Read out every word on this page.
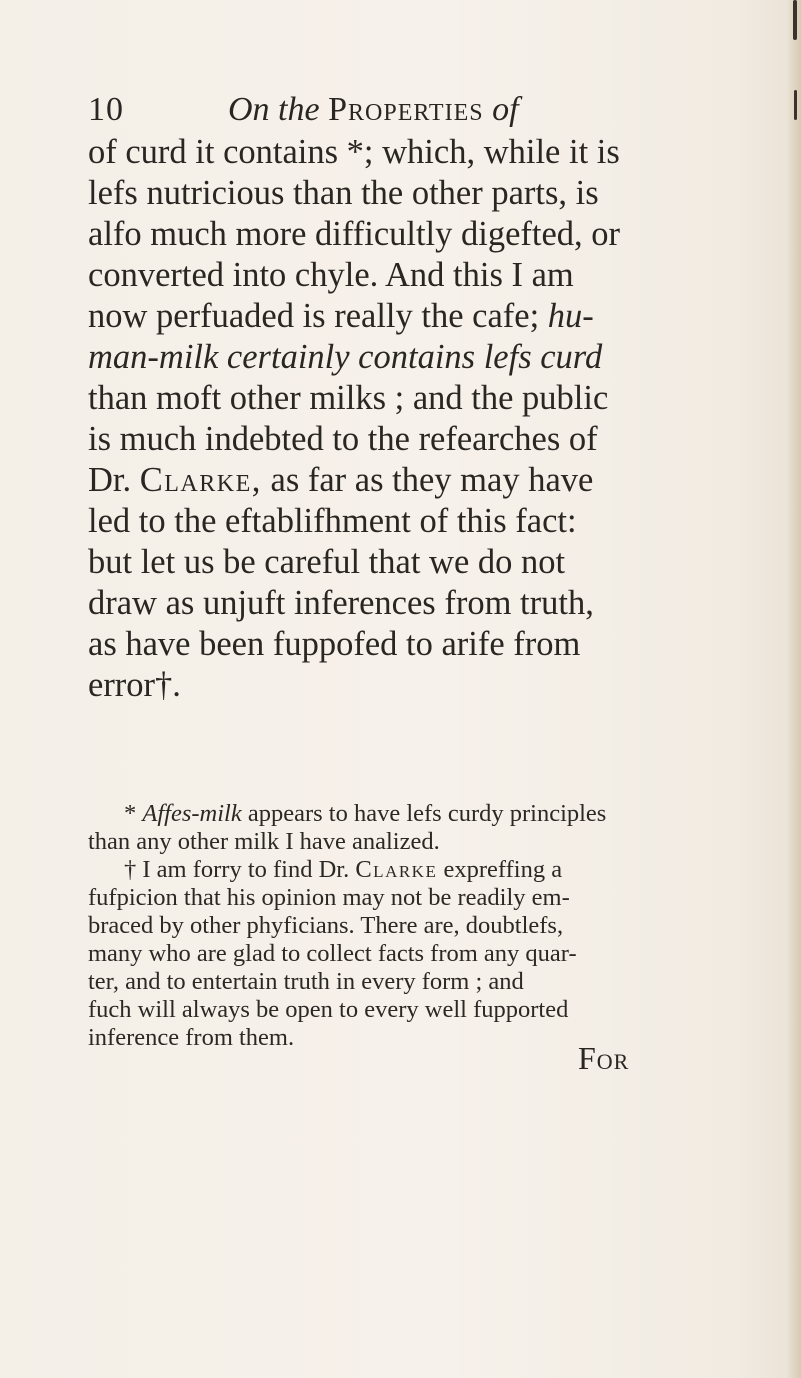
10	On the Properties of
of curd it contains *; which, while it is
lefs nutricious than the other parts, is
alfo much more difficultly digefted, or
converted into chyle. And this I am
now perfuaded is really the cafe; hu-
man-milk certainly contains lefs curd
than moft other milks ; and the public
is much indebted to the refearches of
Dr. Clarke, as far as they may have
led to the eftablifhment of this fact:
but let us be careful that we do not
draw as unjuft inferences from truth,
as have been fuppofed to arife from
error†.
* Affes-milk appears to have lefs curdy principles
than any other milk I have analized.
† I am forry to find Dr. Clarke expreffing a
fufpicion that his opinion may not be readily em-
braced by other phyficians. There are, doubtlefs,
many who are glad to collect facts from any quar-
ter, and to entertain truth in every form ; and
fuch will always be open to every well fupported
inference from them.
For
